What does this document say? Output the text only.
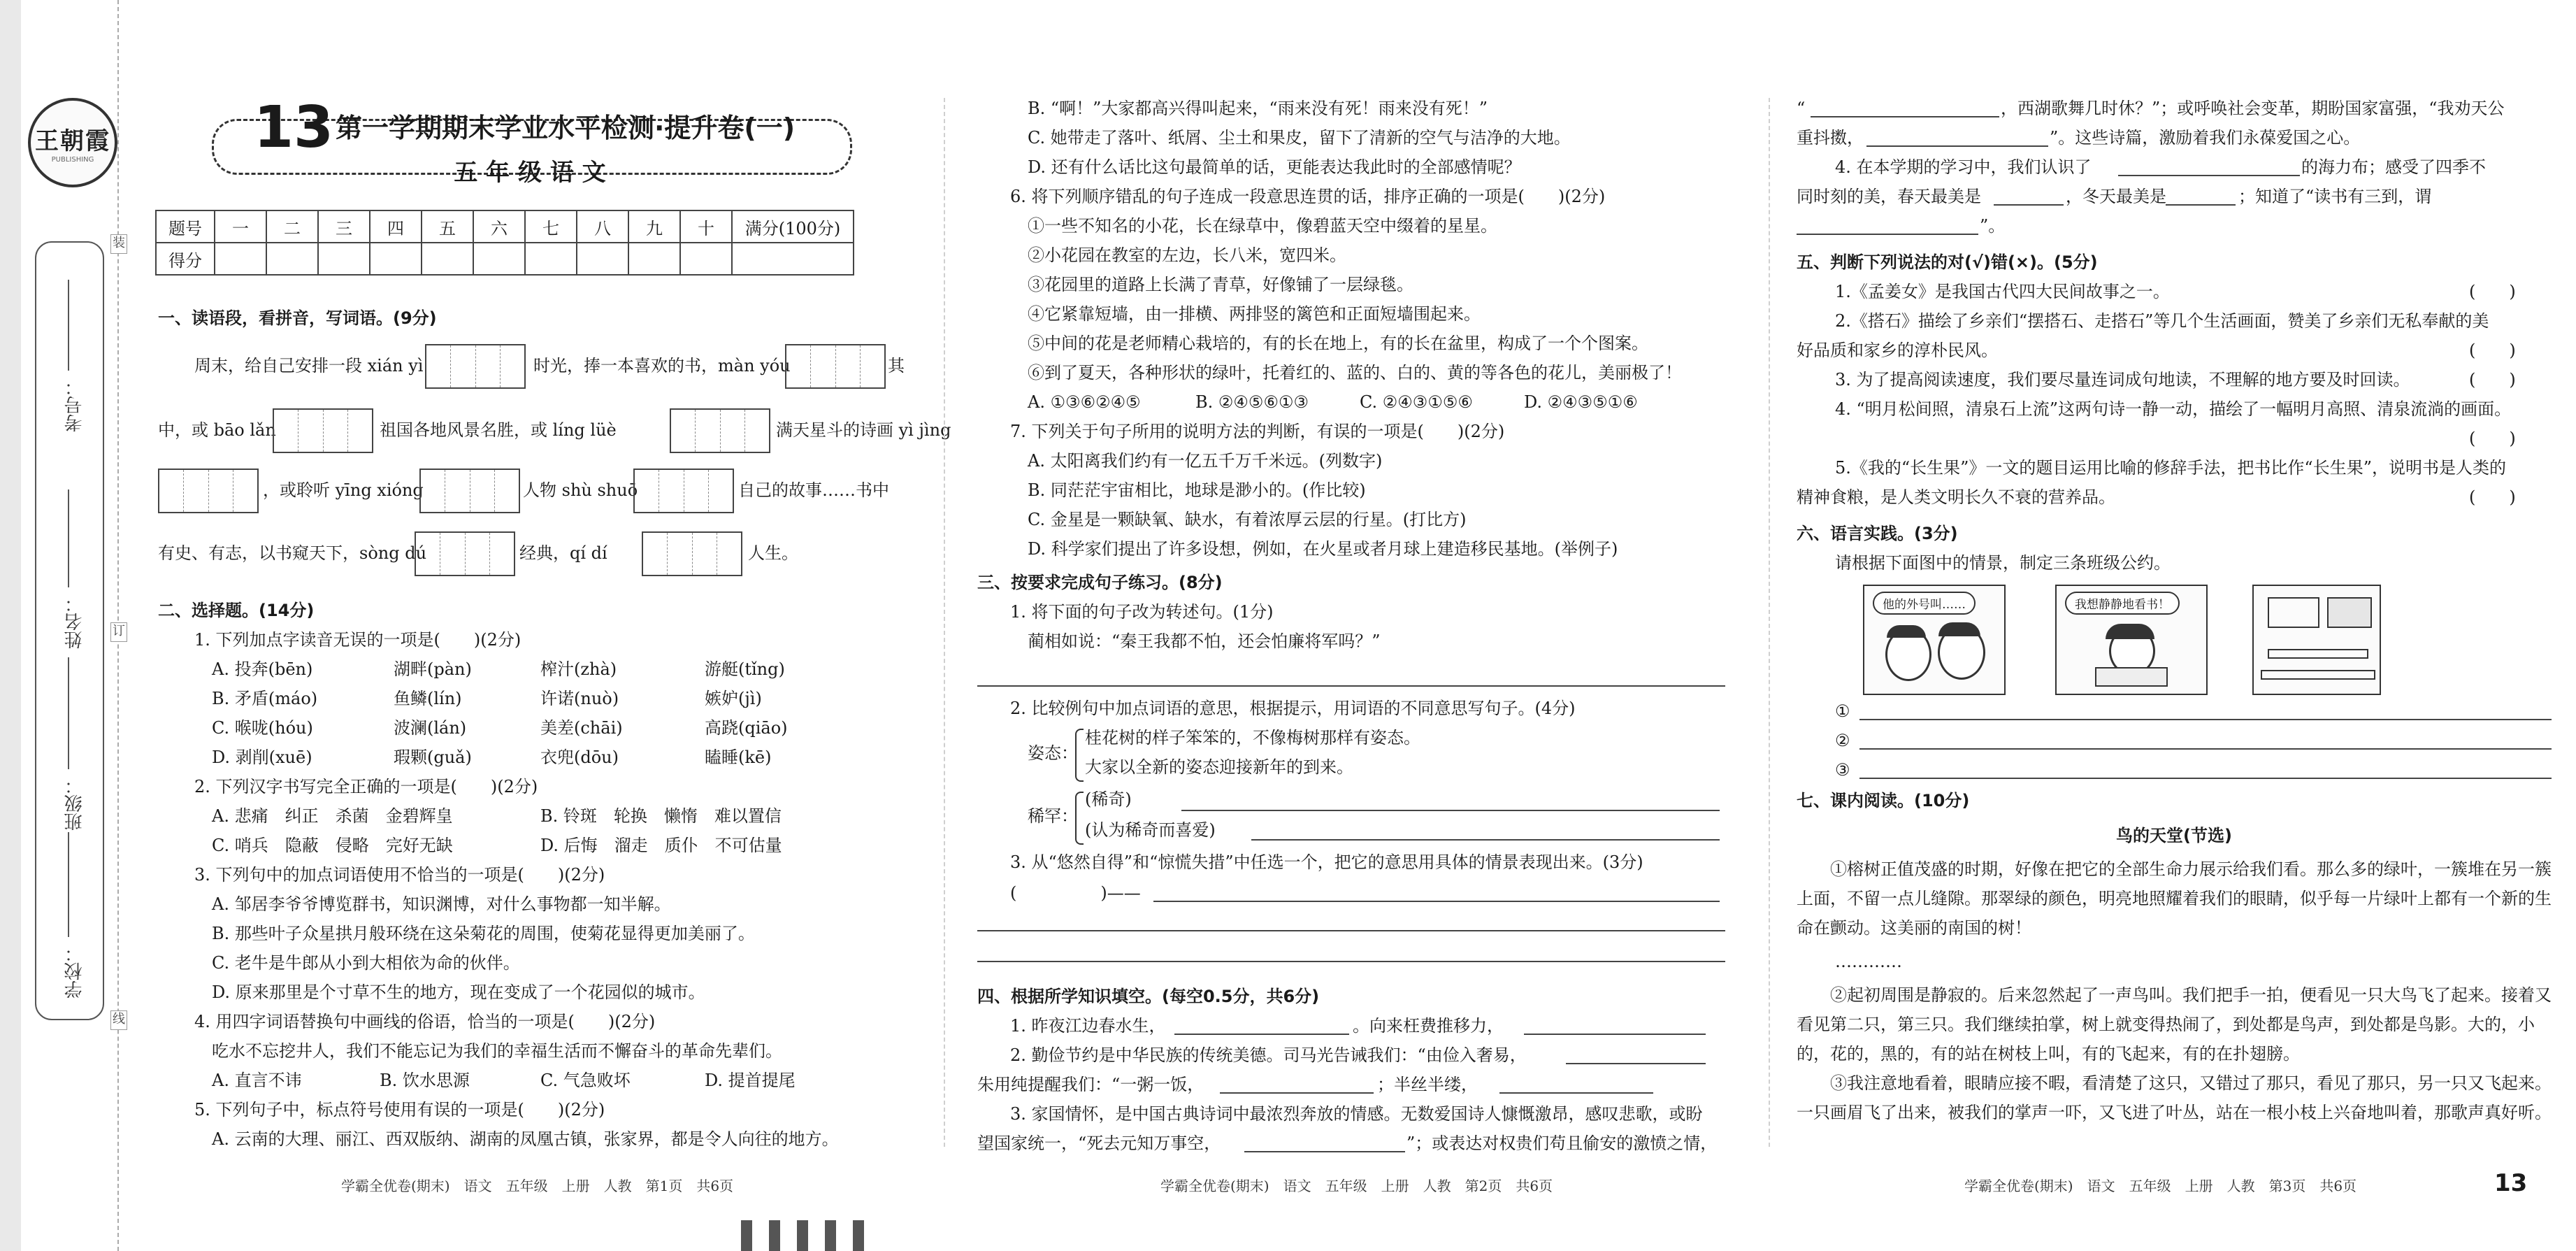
王朝霞
PUBLISHING
考号：
姓名：
班级：
学校：
装
订
线
13 第一学期期末学业水平检测·提升卷(一)
五 年 级 语 文
题号	一	二	三	四	五	六	七	八	九	十	满分(100分)
得分											
一、读语段，看拼音，写词语。(9分)
周末，给自己安排一段 xián yì	时光，捧一本喜欢的书，màn yóu	其
中，或 bāo lǎn	祖国各地风景名胜，或 líng lüè	满天星斗的诗画 yì jìng
，或聆听 yīng xióng	人物 shù shuō	自己的故事……书中
有史、有志，以书窥天下，sòng dú	经典，qí dí	人生。
二、选择题。(14分)
1. 下列加点字读音无误的一项是(　　)(2分)
A. 投奔(bēn)	湖畔(pàn)	榨汁(zhà)	游艇(tǐng)
B. 矛盾(máo)	鱼鳞(lín)	许诺(nuò)	嫉妒(jì)
C. 喉咙(hóu)	波澜(lán)	美差(chāi)	高跷(qiāo)
D. 剥削(xuē)	瑕颗(guǎ)	衣兜(dōu)	瞌睡(kē)
2. 下列汉字书写完全正确的一项是(　　)(2分)
A. 悲痛　纠正　杀菌　金碧辉皇	B. 铃斑　轮换　懒惰　难以置信
C. 哨兵　隐蔽　侵略　完好无缺	D. 后悔　溜走　质仆　不可估量
3. 下列句中的加点词语使用不恰当的一项是(　　)(2分)
A. 邹居李爷爷博览群书，知识渊博，对什么事物都一知半解。
B. 那些叶子众星拱月般环绕在这朵菊花的周围，使菊花显得更加美丽了。
C. 老牛是牛郎从小到大相依为命的伙伴。
D. 原来那里是个寸草不生的地方，现在变成了一个花园似的城市。
4. 用四字词语替换句中画线的俗语，恰当的一项是(　　)(2分)
吃水不忘挖井人，我们不能忘记为我们的幸福生活而不懈奋斗的革命先辈们。
A. 直言不讳	B. 饮水思源	C. 气急败坏	D. 提首提尾
5. 下列句子中，标点符号使用有误的一项是(　　)(2分)
A. 云南的大理、丽江、西双版纳、湖南的凤凰古镇，张家界，都是令人向往的地方。
学霸全优卷(期末)　语文　五年级　上册　人教　第1页　共6页
B. “啊！”大家都高兴得叫起来，“雨来没有死！雨来没有死！”
C. 她带走了落叶、纸屑、尘土和果皮，留下了清新的空气与洁净的大地。
D. 还有什么话比这句最简单的话，更能表达我此时的全部感情呢？
6. 将下列顺序错乱的句子连成一段意思连贯的话，排序正确的一项是(　　)(2分)
①一些不知名的小花，长在绿草中，像碧蓝天空中缀着的星星。
②小花园在教室的左边，长八米，宽四米。
③花园里的道路上长满了青草，好像铺了一层绿毯。
④它紧靠短墙，由一排横、两排竖的篱笆和正面短墙围起来。
⑤中间的花是老师精心栽培的，有的长在地上，有的长在盆里，构成了一个个图案。
⑥到了夏天，各种形状的绿叶，托着红的、蓝的、白的、黄的等各色的花儿，美丽极了！
A. ①③⑥②④⑤	B. ②④⑤⑥①③	C. ②④③①⑤⑥	D. ②④③⑤①⑥
7. 下列关于句子所用的说明方法的判断，有误的一项是(　　)(2分)
A. 太阳离我们约有一亿五千万千米远。(列数字)
B. 同茫茫宇宙相比，地球是渺小的。(作比较)
C. 金星是一颗缺氧、缺水，有着浓厚云层的行星。(打比方)
D. 科学家们提出了许多设想，例如，在火星或者月球上建造移民基地。(举例子)
三、按要求完成句子练习。(8分)
1. 将下面的句子改为转述句。(1分)
蔺相如说：“秦王我都不怕，还会怕廉将军吗？”
2. 比较例句中加点词语的意思，根据提示，用词语的不同意思写句子。(4分)
姿态：
桂花树的样子笨笨的，不像梅树那样有姿态。
大家以全新的姿态迎接新年的到来。
稀罕：
(稀奇)
(认为稀奇而喜爱)
3. 从“悠然自得”和“惊慌失措”中任选一个，把它的意思用具体的情景表现出来。(3分)
(　　　　　)——
四、根据所学知识填空。(每空0.5分，共6分)
1. 昨夜江边春水生，	。向来枉费推移力，
2. 勤俭节约是中华民族的传统美德。司马光告诫我们：“由俭入奢易，
朱用纯提醒我们：“一粥一饭，	；半丝半缕，
3. 家国情怀，是中国古典诗词中最浓烈奔放的情感。无数爱国诗人慷慨激昂，感叹悲歌，或盼
望国家统一，“死去元知万事空，	”；或表达对权贵们苟且偷安的激愤之情，
学霸全优卷(期末)　语文　五年级　上册　人教　第2页　共6页
“	，西湖歌舞几时休？”；或呼唤社会变革，期盼国家富强，“我劝天公
重抖擞，	”。这些诗篇，激励着我们永葆爱国之心。
4. 在本学期的学习中，我们认识了	的海力布；感受了四季不
同时刻的美，春天最美是	，冬天最美是	；知道了“读书有三到，谓
”。
五、判断下列说法的对(√)错(×)。(5分)
1.《孟姜女》是我国古代四大民间故事之一。	(　　)
2.《搭石》描绘了乡亲们“摆搭石、走搭石”等几个生活画面，赞美了乡亲们无私奉献的美
好品质和家乡的淳朴民风。	(　　)
3. 为了提高阅读速度，我们要尽量连词成句地读，不理解的地方要及时回读。	(　　)
4. “明月松间照，清泉石上流”这两句诗一静一动，描绘了一幅明月高照、清泉流淌的画面。
(　　)
5.《我的“长生果”》一文的题目运用比喻的修辞手法，把书比作“长生果”，说明书是人类的
精神食粮，是人类文明长久不衰的营养品。	(　　)
六、语言实践。(3分)
请根据下面图中的情景，制定三条班级公约。
他的外号叫……	我想静静地看书！
①
②
③
七、课内阅读。(10分)
鸟的天堂(节选)
①榕树正值茂盛的时期，好像在把它的全部生命力展示给我们看。那么多的绿叶，一簇堆在另一簇上面，不留一点儿缝隙。那翠绿的颜色，明亮地照耀着我们的眼睛，似乎每一片绿叶上都有一个新的生命在颤动。这美丽的南国的树！
…………
②起初周围是静寂的。后来忽然起了一声鸟叫。我们把手一拍，便看见一只大鸟飞了起来。接着又看见第二只，第三只。我们继续拍掌，树上就变得热闹了，到处都是鸟声，到处都是鸟影。大的，小的，花的，黑的，有的站在树枝上叫，有的飞起来，有的在扑翅膀。
③我注意地看着，眼睛应接不暇，看清楚了这只，又错过了那只，看见了那只，另一只又飞起来。一只画眉飞了出来，被我们的掌声一吓，又飞进了叶丛，站在一根小枝上兴奋地叫着，那歌声真好听。
学霸全优卷(期末)　语文　五年级　上册　人教　第3页　共6页	13
